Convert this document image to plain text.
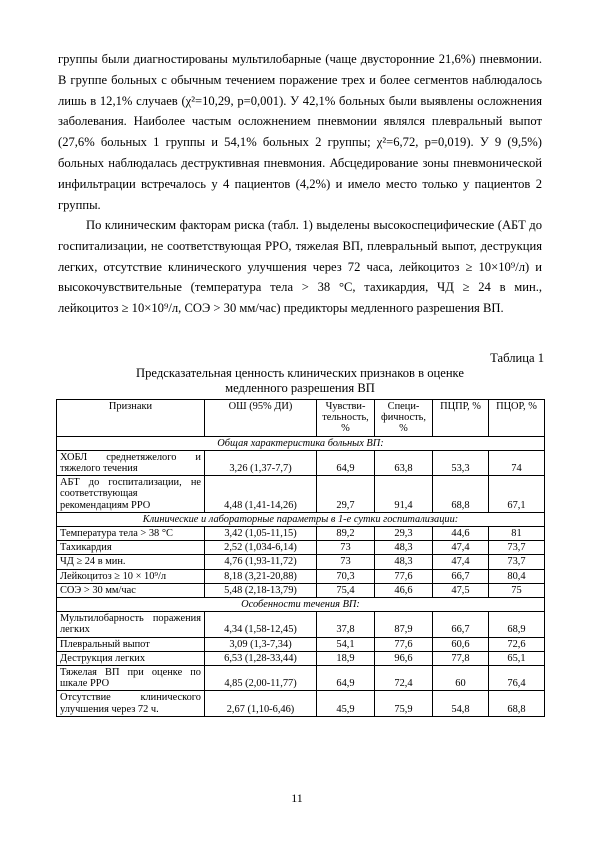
группы были диагностированы мультилобарные (чаще двусторонние 21,6%) пневмонии. В группе больных с обычным течением поражение трех и более сегментов наблюдалось лишь в 12,1% случаев (χ²=10,29, р=0,001). У 42,1% больных были выявлены осложнения заболевания. Наиболее частым осложнением пневмонии являлся плевральный выпот (27,6% больных 1 группы и 54,1% больных 2 группы; χ²=6,72, р=0,019). У 9 (9,5%) больных наблюдалась деструктивная пневмония. Абсцедирование зоны пневмонической инфильтрации встречалось у 4 пациентов (4,2%) и имело место только у пациентов 2 группы.

По клиническим факторам риска (табл. 1) выделены высокоспецифические (АБТ до госпитализации, не соответствующая РРО, тяжелая ВП, плевральный выпот, деструкция легких, отсутствие клинического улучшения через 72 часа, лейкоцитоз ≥ 10×10⁹/л) и высокочувствительные (температура тела > 38 °С, тахикардия, ЧД ≥ 24 в мин., лейкоцитоз ≥ 10×10⁹/л, СОЭ > 30 мм/час) предикторы медленного разрешения ВП.

Таблица 1
Предсказательная ценность клинических признаков в оценке медленного разрешения ВП
Признаки	ОШ (95% ДИ)	Чувстви-тельность, %	Специ-фичность, %	ПЦПР, %	ПЦОР, %
Общая характеристика больных ВП:					
ХОБЛ среднетяжелого и тяжелого течения	3,26 (1,37-7,7)	64,9	63,8	53,3	74
АБТ до госпитализации, не соответствующая рекомендациям РРО	4,48 (1,41-14,26)	29,7	91,4	68,8	67,1
Клинические и лабораторные параметры в 1-е сутки госпитализации:					
Температура тела > 38 °С	3,42 (1,05-11,15)	89,2	29,3	44,6	81
Тахикардия	2,52 (1,034-6,14)	73	48,3	47,4	73,7
ЧД ≥ 24 в мин.	4,76 (1,93-11,72)	73	48,3	47,4	73,7
Лейкоцитоз ≥ 10 × 10⁹/л	8,18 (3,21-20,88)	70,3	77,6	66,7	80,4
СОЭ > 30 мм/час	5,48 (2,18-13,79)	75,4	46,6	47,5	75
Особенности течения ВП:					
Мультилобарность поражения легких	4,34 (1,58-12,45)	37,8	87,9	66,7	68,9
Плевральный выпот	3,09 (1,3-7,34)	54,1	77,6	60,6	72,6
Деструкция легких	6,53 (1,28-33,44)	18,9	96,6	77,8	65,1
Тяжелая ВП при оценке по шкале РРО	4,85 (2,00-11,77)	64,9	72,4	60	76,4
Отсутствие клинического улучшения через 72 ч.	2,67 (1,10-6,46)	45,9	75,9	54,8	68,8
11
